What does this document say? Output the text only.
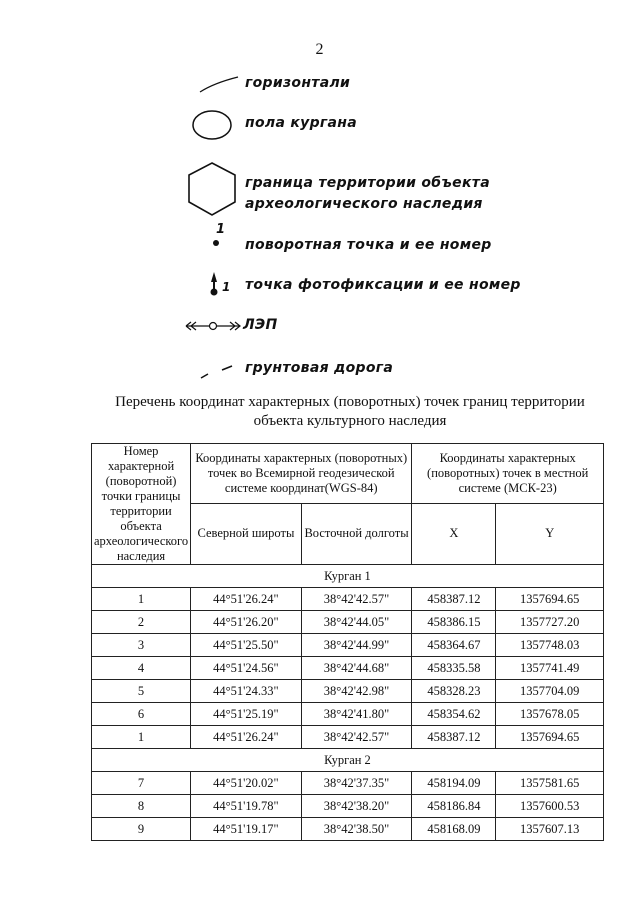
2
горизонтали
пола кургана
граница территории объекта
археологического наследия
1
поворотная точка и ее номер
1 точка фотофиксации и ее номер
ЛЭП
грунтовая дорога
Перечень координат характерных (поворотных) точек границ территории
объекта культурного наследия
Номер характерной (поворотной) точки границы территории объекта археологического наследия	Координаты характерных (поворотных) точек во Всемирной геодезической системе координат(WGS-84)		Координаты характерных (поворотных) точек в местной системе (МСК-23)	
	Северной широты	Восточной долготы	X	Y
Курган 1				
1	44°51'26.24"	38°42'42.57"	458387.12	1357694.65
2	44°51'26.20"	38°42'44.05"	458386.15	1357727.20
3	44°51'25.50"	38°42'44.99"	458364.67	1357748.03
4	44°51'24.56"	38°42'44.68"	458335.58	1357741.49
5	44°51'24.33"	38°42'42.98"	458328.23	1357704.09
6	44°51'25.19"	38°42'41.80"	458354.62	1357678.05
1	44°51'26.24"	38°42'42.57"	458387.12	1357694.65
Курган 2				
7	44°51'20.02"	38°42'37.35"	458194.09	1357581.65
8	44°51'19.78"	38°42'38.20"	458186.84	1357600.53
9	44°51'19.17"	38°42'38.50"	458168.09	1357607.13
